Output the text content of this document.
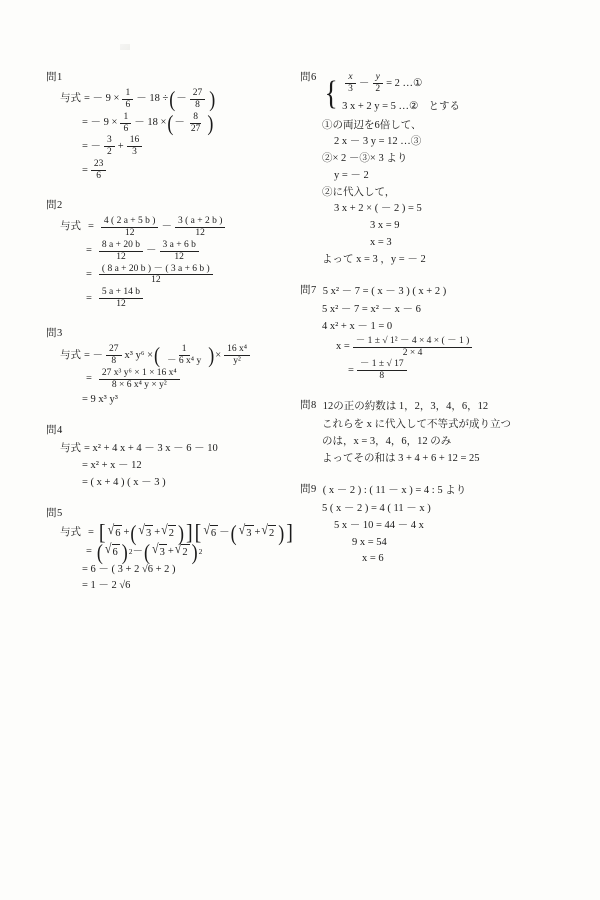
問1
与式 = － $9 \times \frac{1}{6} - 18$ ÷ ( － $\frac{27}{8}$ )
= － $9 \times \frac{1}{6} - 18$ × ( － $\frac{8}{27}$ )
= － $\frac{3}{2} + \frac{16}{3}$
= $\frac{23}{6}$
問2
与式 = $\frac{4 ( 2 a + 5 b )}{12} - \frac{3 ( a + 2 b )}{12}$
= $\frac{8 a + 20 b}{12} - \frac{3 a + 6 b}{12}$
= $\frac{( 8 a + 20 b ) - ( 3 a + 6 b )}{12}$
= $\frac{5 a + 14 b}{12}$
問3
与式 = － $\frac{27}{8} x^3$ y⁶ × ( $\frac{1}{\text{－ 6 x⁴ y}}$ ) × $\frac{\text{16 x⁴}}{\text{y²}}$
= $\frac{\text{27 x³ y⁶ × 1 × 16 x⁴}}{\text{8 × 6 x⁴ y × y²}}$
= 9 x³ y³
問4
与式 = x² + 4 x + 4 － 3 x － 6 － 10
= x² + x － 12
= ( x + 4 ) ( x － 3 )
問5
与式 = [ √ 6 + ( √ 3 + √ 2 ) ] [ √ 6 － ( √ 3 + √ 2 ) ]
= ( √ 6 ) 2 － ( √ 3 + √ 2 ) 2
= 6 － ( 3 + 2 √6 + 2 )
= 1 － 2 √6
問6 { $\frac{x}{3} - \frac{y}{2} = 2$ …①
3 x + 2 y = 5 …② とする
①の両辺を6倍して、
2 x － 3 y = 12 …③
②× 2 －③× 3 より
y = － 2
②に代入して，
3 x + 2 × ( － 2 ) = 5
3 x = 9
x = 3
よって x = 3 ，y = － 2
問7 5 x² － 7 = ( x － 3 ) ( x + 2 )
5 x² － 7 = x² － x － 6
4 x² + x － 1 = 0
$x = \frac{\text{－ 1 ± √ 1² － 4 × 4 × ( － 1 )}}{2 \times 4}$
= $\frac{- 1 \pm √ 17}{8}$
問8 12の正の約数は 1，2，3，4，6，12
これらを x に代入して不等式が成り立つ
のは，x = 3，4，6，12 のみ
よってその和は 3 + 4 + 6 + 12 = 25
問9 ( x － 2 ) : ( 11 － x ) = 4 : 5 より
5 ( x － 2 ) = 4 ( 11 － x )
5 x － 10 = 44 － 4 x
9 x = 54
x = 6
